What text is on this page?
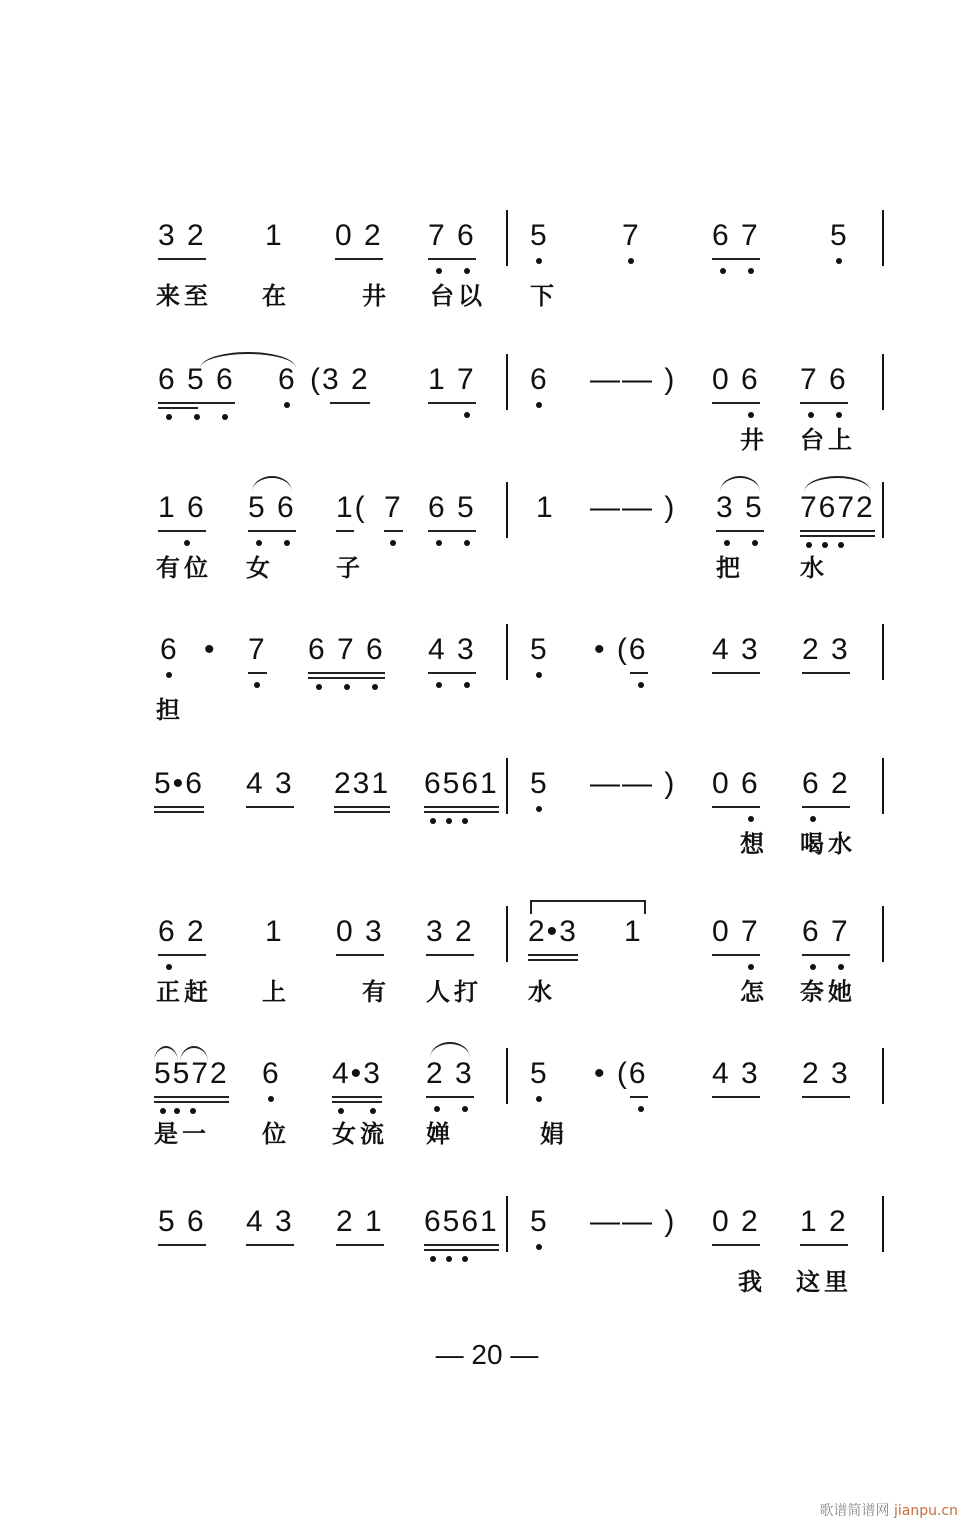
3 2 1 0 2 7 6 5 7 6 7 5
来至 在	井 台以 下
6 5 6 6 (3 2 1 7 6 —— ) 0 6 7 6
井 台上
1 6 5 6 1( 7 6 5 1 —— ) 3 5 7672
有位 女	子	把 水
6 • 7 6 7 6 4 3 5 • (6 4 3 2 3
担
5•6 4 3 231 6561 5 —— ) 0 6 6 2
想 喝水
6 2 1 0 3 3 2 2•3 1 0 7 6 7
正赶 上	有 人打 水	怎 奈她
5572 6 4•3 2 3 5 • (6 4 3 2 3
是一 位 女流 婵	娟
5 6 4 3 2 1 6561 5 —— ) 0 2 1 2
我 这里
— 20 —
歌谱简谱网 jianpu.cn
